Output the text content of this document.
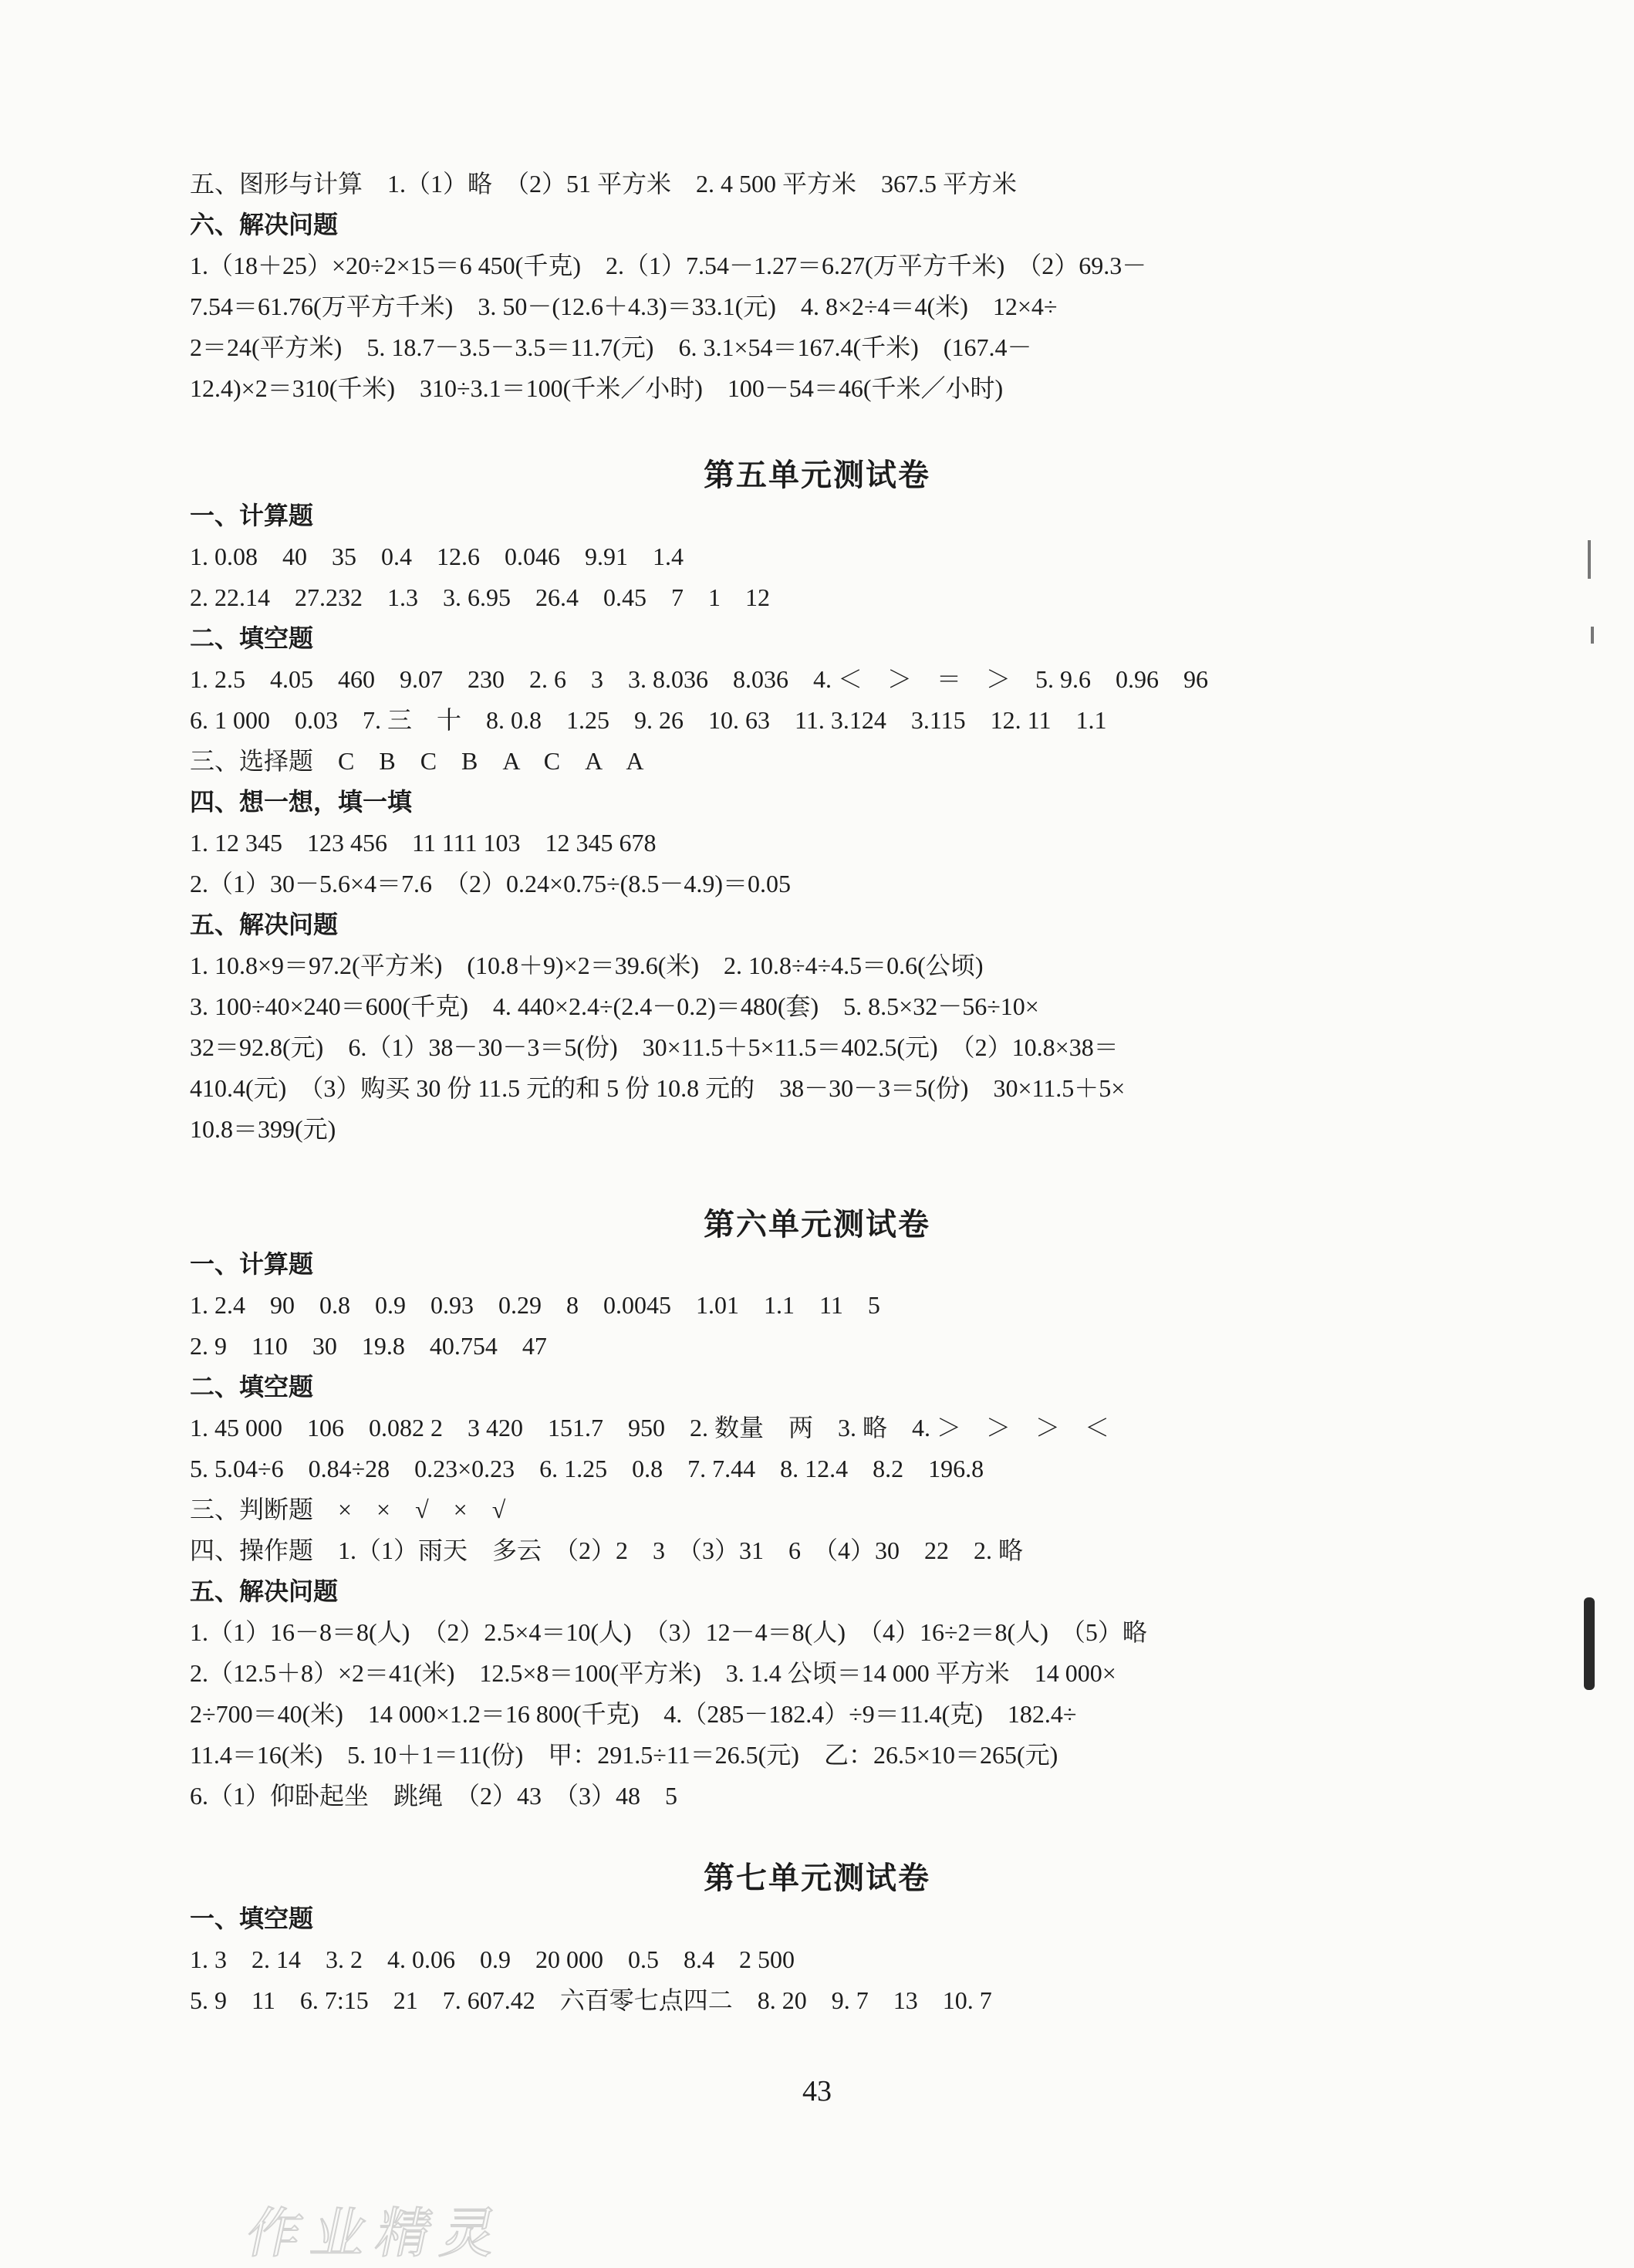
五、图形与计算　1.（1）略　（2）51 平方米　2. 4 500 平方米　367.5 平方米
六、解决问题
1.（18＋25）×20÷2×15＝6 450(千克)　2.（1）7.54－1.27＝6.27(万平方千米)　（2）69.3－
7.54＝61.76(万平方千米)　3. 50－(12.6＋4.3)＝33.1(元)　4. 8×2÷4＝4(米)　12×4÷
2＝24(平方米)　5. 18.7－3.5－3.5＝11.7(元)　6. 3.1×54＝167.4(千米)　(167.4－
12.4)×2＝310(千米)　310÷3.1＝100(千米／小时)　100－54＝46(千米／小时)
第五单元测试卷
一、计算题
1. 0.08　40　35　0.4　12.6　0.046　9.91　1.4
2. 22.14　27.232　1.3　3. 6.95　26.4　0.45　7　1　12
二、填空题
1. 2.5　4.05　460　9.07　230　2. 6　3　3. 8.036　8.036　4. ＜　＞　＝　＞　5. 9.6　0.96　96
6. 1 000　0.03　7. 三　十　8. 0.8　1.25　9. 26　10. 63　11. 3.124　3.115　12. 11　1.1
三、选择题　C　B　C　B　A　C　A　A
四、想一想，填一填
1. 12 345　123 456　11 111 103　12 345 678
2.（1）30－5.6×4＝7.6　（2）0.24×0.75÷(8.5－4.9)＝0.05
五、解决问题
1. 10.8×9＝97.2(平方米)　(10.8＋9)×2＝39.6(米)　2. 10.8÷4÷4.5＝0.6(公顷)
3. 100÷40×240＝600(千克)　4. 440×2.4÷(2.4－0.2)＝480(套)　5. 8.5×32－56÷10×
32＝92.8(元)　6.（1）38－30－3＝5(份)　30×11.5＋5×11.5＝402.5(元)　（2）10.8×38＝
410.4(元)　（3）购买 30 份 11.5 元的和 5 份 10.8 元的　38－30－3＝5(份)　30×11.5＋5×
10.8＝399(元)
第六单元测试卷
一、计算题
1. 2.4　90　0.8　0.9　0.93　0.29　8　0.0045　1.01　1.1　11　5
2. 9　110　30　19.8　40.754　47
二、填空题
1. 45 000　106　0.082 2　3 420　151.7　950　2. 数量　两　3. 略　4. ＞　＞　＞　＜
5. 5.04÷6　0.84÷28　0.23×0.23　6. 1.25　0.8　7. 7.44　8. 12.4　8.2　196.8
三、判断题　×　×　√　×　√
四、操作题　1.（1）雨天　多云　（2）2　3　（3）31　6　（4）30　22　2. 略
五、解决问题
1.（1）16－8＝8(人)　（2）2.5×4＝10(人)　（3）12－4＝8(人)　（4）16÷2＝8(人)　（5）略
2.（12.5＋8）×2＝41(米)　12.5×8＝100(平方米)　3. 1.4 公顷＝14 000 平方米　14 000×
2÷700＝40(米)　14 000×1.2＝16 800(千克)　4.（285－182.4）÷9＝11.4(克)　182.4÷
11.4＝16(米)　5. 10＋1＝11(份)　甲：291.5÷11＝26.5(元)　乙：26.5×10＝265(元)
6.（1）仰卧起坐　跳绳　（2）43　（3）48　5
第七单元测试卷
一、填空题
1. 3　2. 14　3. 2　4. 0.06　0.9　20 000　0.5　8.4　2 500
5. 9　11　6. 7:15　21　7. 607.42　六百零七点四二　8. 20　9. 7　13　10. 7
43
作业精灵
